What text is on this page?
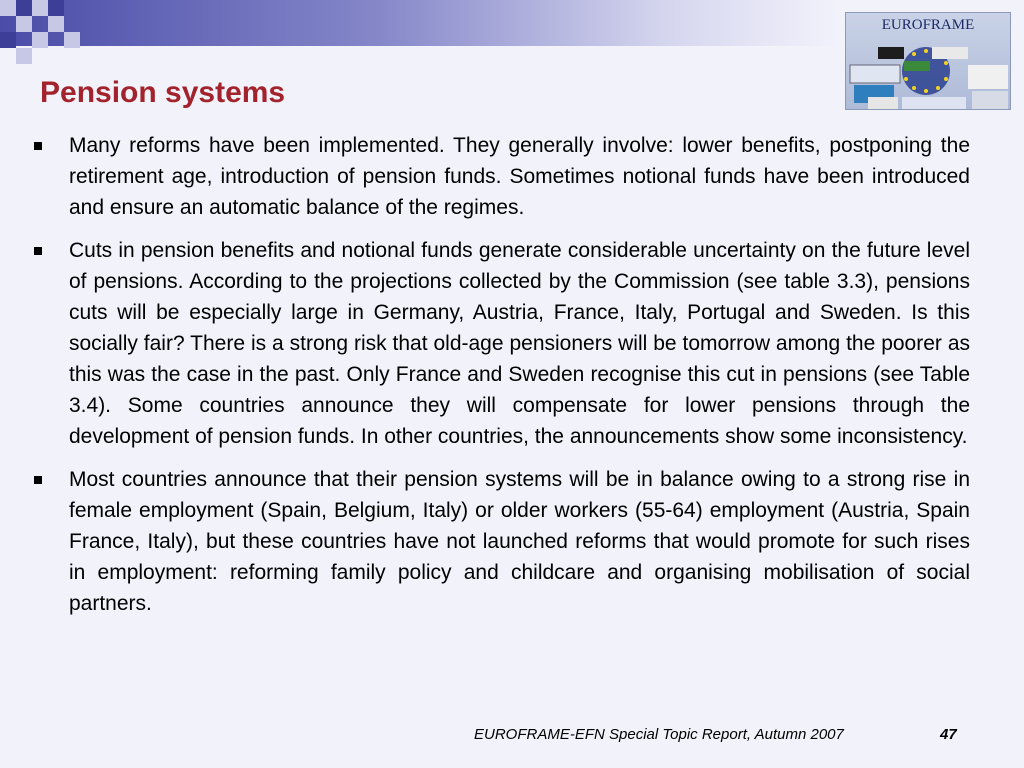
EUROFRAME
Pension systems
Many reforms have been implemented. They generally involve: lower benefits, postponing the retirement age, introduction of pension funds. Sometimes notional funds have been introduced and ensure an automatic balance of the regimes.
Cuts in pension benefits and notional funds generate considerable uncertainty on the future level of pensions. According to the projections collected by the Commission (see table 3.3), pensions cuts will be especially large in Germany, Austria, France, Italy, Portugal and Sweden. Is this socially fair? There is a strong risk that old-age pensioners will be tomorrow among the poorer as this was the case in the past. Only France and Sweden recognise this cut in pensions (see Table 3.4). Some countries announce they will compensate for lower pensions through the development of pension funds. In other countries, the announcements show some inconsistency.
Most countries announce that their pension systems will be in balance owing to a strong rise in female employment (Spain, Belgium, Italy) or older workers (55-64) employment (Austria, Spain France, Italy), but these countries have not launched reforms that would promote for such rises in employment: reforming family policy and childcare and organising mobilisation of social partners.
EUROFRAME-EFN Special Topic Report, Autumn 2007	47
